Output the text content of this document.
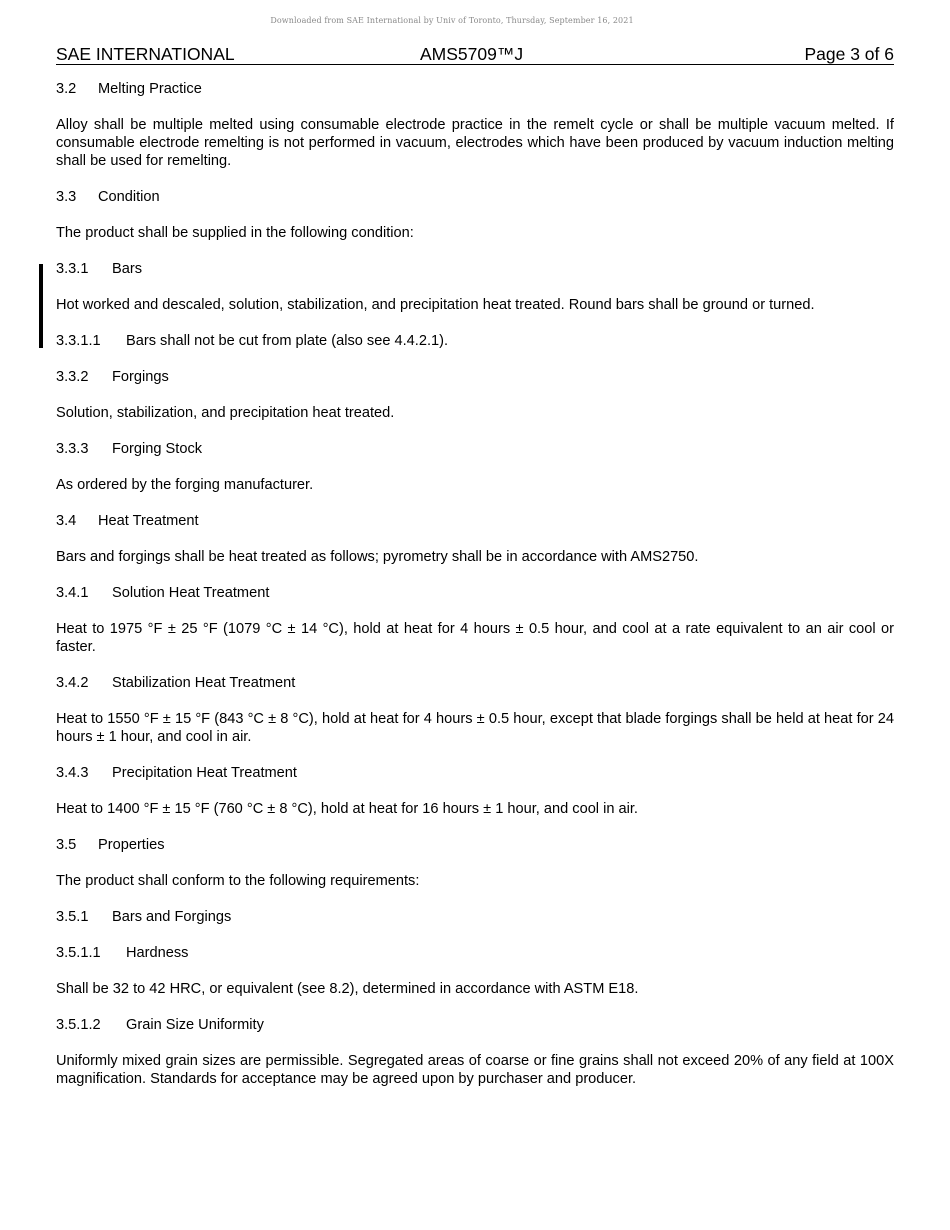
Downloaded from SAE International by Univ of Toronto, Thursday, September 16, 2021
SAE INTERNATIONAL	AMS5709™J	Page 3 of 6
3.2	Melting Practice

Alloy shall be multiple melted using consumable electrode practice in the remelt cycle or shall be multiple vacuum melted. If consumable electrode remelting is not performed in vacuum, electrodes which have been produced by vacuum induction melting shall be used for remelting.

3.3	Condition

The product shall be supplied in the following condition:

3.3.1	Bars

Hot worked and descaled, solution, stabilization, and precipitation heat treated. Round bars shall be ground or turned.

3.3.1.1	Bars shall not be cut from plate (also see 4.4.2.1).
3.3.2	Forgings

Solution, stabilization, and precipitation heat treated.

3.3.3	Forging Stock

As ordered by the forging manufacturer.

3.4	Heat Treatment

Bars and forgings shall be heat treated as follows; pyrometry shall be in accordance with AMS2750.

3.4.1	Solution Heat Treatment

Heat to 1975 °F ± 25 °F (1079 °C ± 14 °C), hold at heat for 4 hours ± 0.5 hour, and cool at a rate equivalent to an air cool or faster.

3.4.2	Stabilization Heat Treatment

Heat to 1550 °F ± 15 °F (843 °C ± 8 °C), hold at heat for 4 hours ± 0.5 hour, except that blade forgings shall be held at heat for 24 hours ± 1 hour, and cool in air.

3.4.3	Precipitation Heat Treatment

Heat to 1400 °F ± 15 °F (760 °C ± 8 °C), hold at heat for 16 hours ± 1 hour, and cool in air.

3.5	Properties

The product shall conform to the following requirements:

3.5.1	Bars and Forgings
3.5.1.1	Hardness

Shall be 32 to 42 HRC, or equivalent (see 8.2), determined in accordance with ASTM E18.

3.5.1.2	Grain Size Uniformity

Uniformly mixed grain sizes are permissible. Segregated areas of coarse or fine grains shall not exceed 20% of any field at 100X magnification. Standards for acceptance may be agreed upon by purchaser and producer.
